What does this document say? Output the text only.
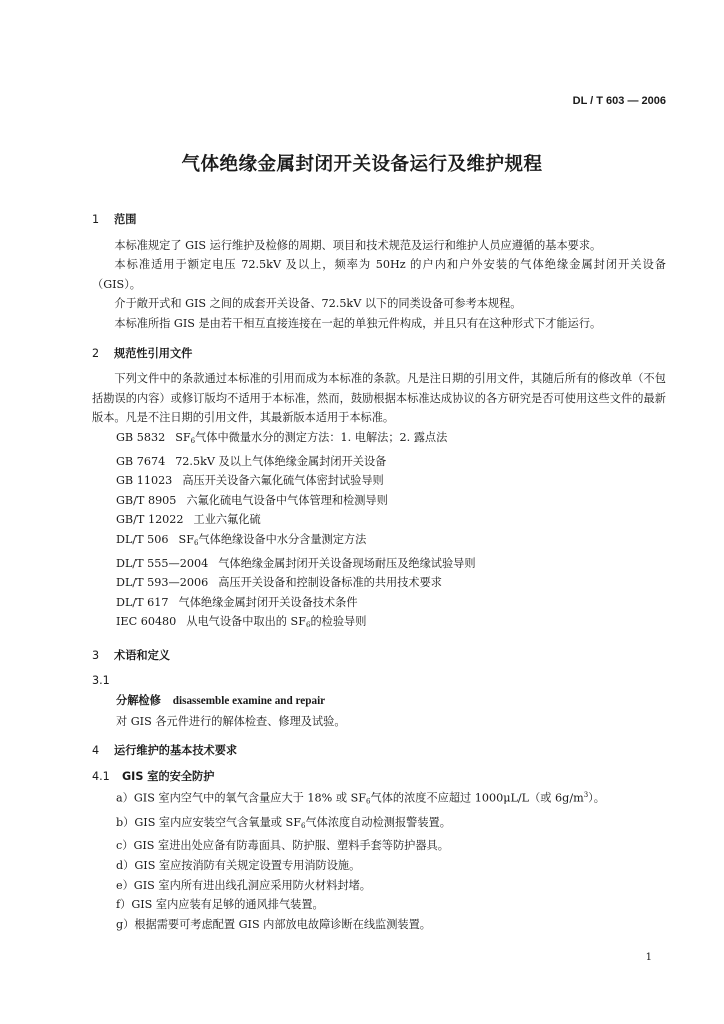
DL / T 603 — 2006
气体绝缘金属封闭开关设备运行及维护规程

1 范围

本标准规定了 GIS 运行维护及检修的周期、项目和技术规范及运行和维护人员应遵循的基本要求。

本标准适用于额定电压 72.5kV 及以上，频率为 50Hz 的户内和户外安装的气体绝缘金属封闭开关设备（GIS）。

介于敞开式和 GIS 之间的成套开关设备、72.5kV 以下的同类设备可参考本规程。

本标准所指 GIS 是由若干相互直接连接在一起的单独元件构成，并且只有在这种形式下才能运行。

2 规范性引用文件

下列文件中的条款通过本标准的引用而成为本标准的条款。凡是注日期的引用文件，其随后所有的修改单（不包括勘误的内容）或修订版均不适用于本标准，然而，鼓励根据本标准达成协议的各方研究是否可使用这些文件的最新版本。凡是不注日期的引用文件，其最新版本适用于本标准。

GB 5832 $SF_6$气体中微量水分的测定方法：1. 电解法；2. 露点法

GB 7674 72.5kV 及以上气体绝缘金属封闭开关设备

GB 11023 高压开关设备六氟化硫气体密封试验导则

GB/T 8905 六氟化硫电气设备中气体管理和检测导则

GB/T 12022 工业六氟化硫

DL/T 506 $SF_6$气体绝缘设备中水分含量测定方法

DL/T 555—2004 气体绝缘金属封闭开关设备现场耐压及绝缘试验导则

DL/T 593—2006 高压开关设备和控制设备标准的共用技术要求

DL/T 617 气体绝缘金属封闭开关设备技术条件

IEC 60480 从电气设备中取出的 $SF_6$的检验导则

3 术语和定义

3.1

分解检修 disassemble examine and repair

对 GIS 各元件进行的解体检查、修理及试验。

4 运行维护的基本技术要求

4.1 GIS 室的安全防护

a）GIS 室内空气中的氧气含量应大于 18% 或 $SF_6$气体的浓度不应超过 1000μL/L（或 $6g/m^3$）。

b）GIS 室内应安装空气含氧量或 $SF_6$气体浓度自动检测报警装置。

c）GIS 室进出处应备有防毒面具、防护服、塑料手套等防护器具。

d）GIS 室应按消防有关规定设置专用消防设施。

e）GIS 室内所有进出线孔洞应采用防火材料封堵。

f）GIS 室内应装有足够的通风排气装置。

g）根据需要可考虑配置 GIS 内部放电故障诊断在线监测装置。

1
